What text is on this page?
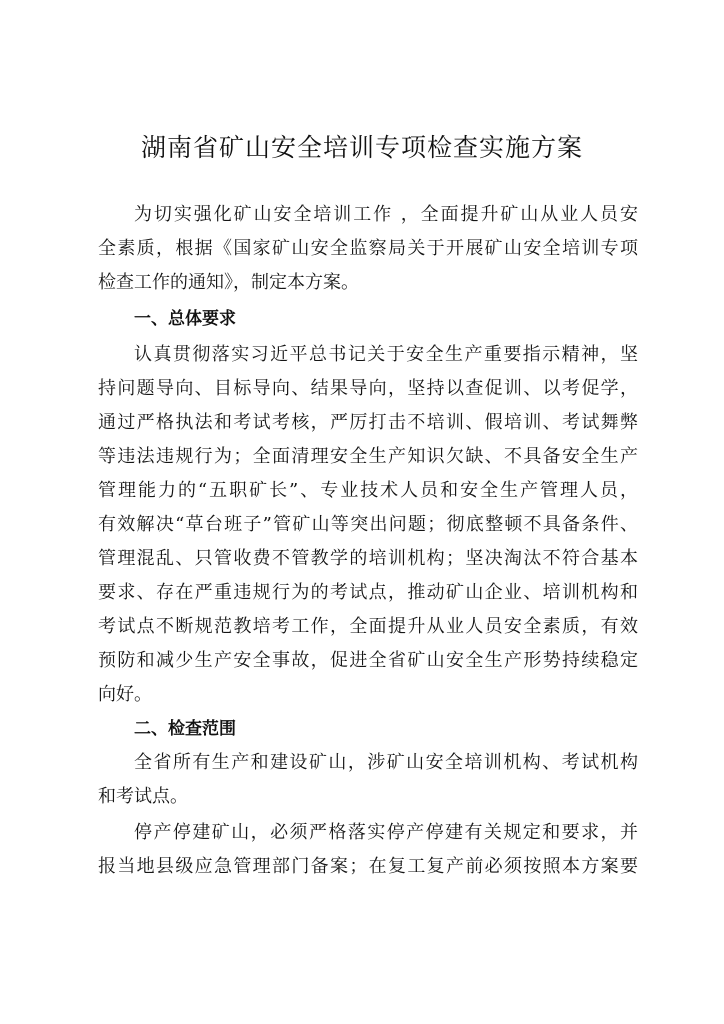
湖南省矿山安全培训专项检查实施方案
为切实强化矿山安全培训工作 ，全面提升矿山从业人员安
全素质，根据《国家矿山安全监察局关于开展矿山安全培训专项
检查工作的通知》，制定本方案。
一、总体要求
认真贯彻落实习近平总书记关于安全生产重要指示精神，坚
持问题导向、目标导向、结果导向，坚持以查促训、以考促学，
通过严格执法和考试考核，严厉打击不培训、假培训、考试舞弊
等违法违规行为；全面清理安全生产知识欠缺、不具备安全生产
管理能力的“五职矿长”、专业技术人员和安全生产管理人员，
有效解决“草台班子”管矿山等突出问题；彻底整顿不具备条件、
管理混乱、只管收费不管教学的培训机构；坚决淘汰不符合基本
要求、存在严重违规行为的考试点，推动矿山企业、培训机构和
考试点不断规范教培考工作，全面提升从业人员安全素质，有效
预防和减少生产安全事故，促进全省矿山安全生产形势持续稳定
向好。
二、检查范围
全省所有生产和建设矿山，涉矿山安全培训机构、考试机构
和考试点。
停产停建矿山，必须严格落实停产停建有关规定和要求，并
报当地县级应急管理部门备案；在复工复产前必须按照本方案要
